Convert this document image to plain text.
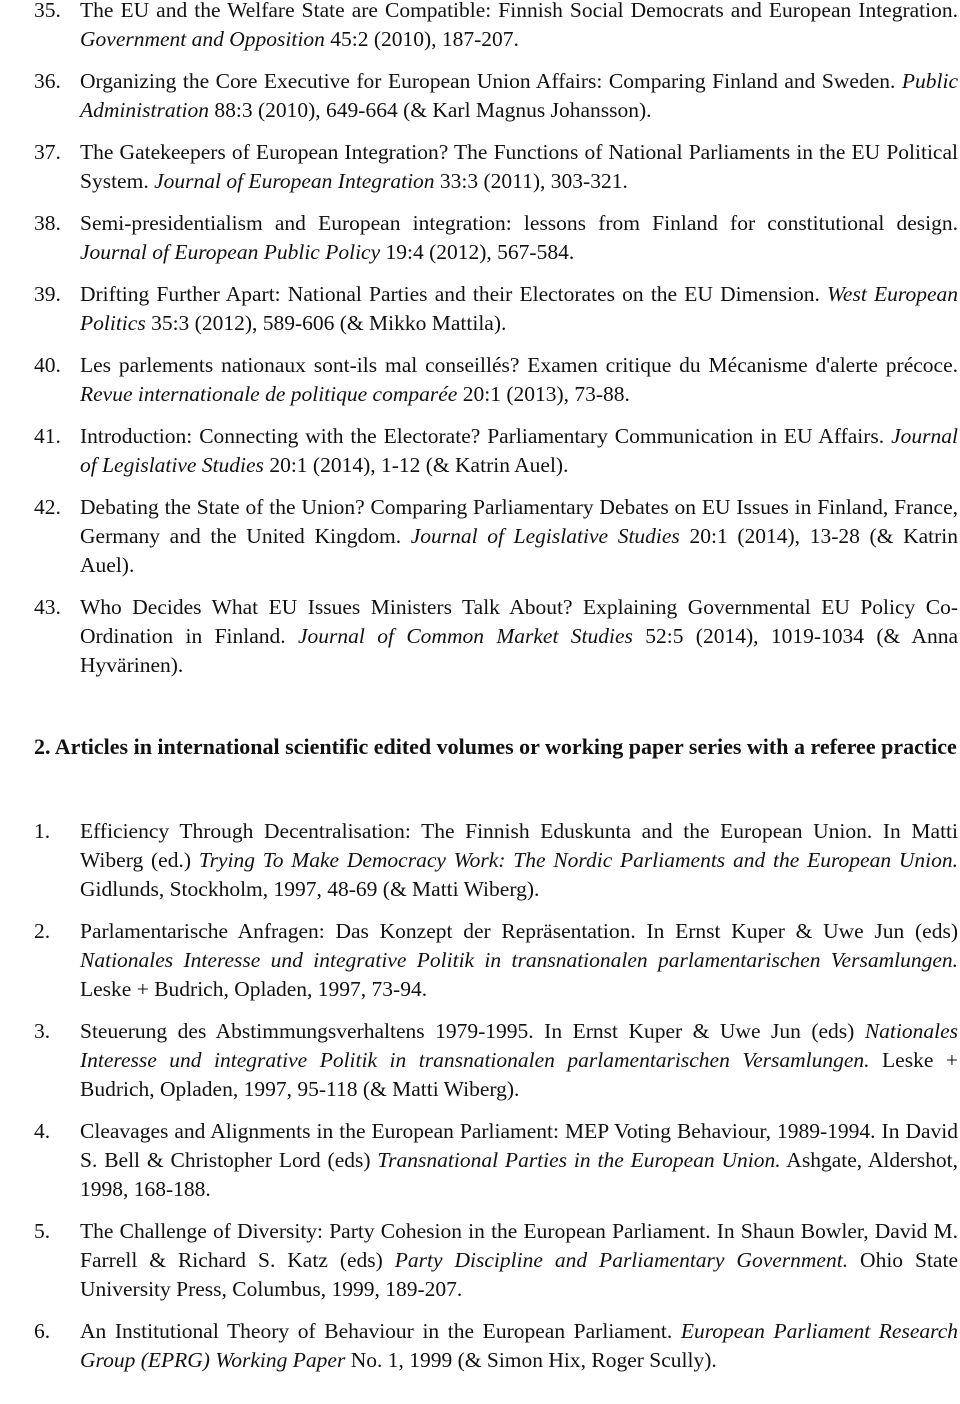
35. The EU and the Welfare State are Compatible: Finnish Social Democrats and European Integration. Government and Opposition 45:2 (2010), 187-207.
36. Organizing the Core Executive for European Union Affairs: Comparing Finland and Sweden. Public Administration 88:3 (2010), 649-664 (& Karl Magnus Johansson).
37. The Gatekeepers of European Integration? The Functions of National Parliaments in the EU Political System. Journal of European Integration 33:3 (2011), 303-321.
38. Semi-presidentialism and European integration: lessons from Finland for constitutional design. Journal of European Public Policy 19:4 (2012), 567-584.
39. Drifting Further Apart: National Parties and their Electorates on the EU Dimension. West European Politics 35:3 (2012), 589-606 (& Mikko Mattila).
40. Les parlements nationaux sont-ils mal conseillés? Examen critique du Mécanisme d'alerte précoce. Revue internationale de politique comparée 20:1 (2013), 73-88.
41. Introduction: Connecting with the Electorate? Parliamentary Communication in EU Affairs. Journal of Legislative Studies 20:1 (2014), 1-12 (& Katrin Auel).
42. Debating the State of the Union? Comparing Parliamentary Debates on EU Issues in Finland, France, Germany and the United Kingdom. Journal of Legislative Studies 20:1 (2014), 13-28 (& Katrin Auel).
43. Who Decides What EU Issues Ministers Talk About? Explaining Governmental EU Policy Co-Ordination in Finland. Journal of Common Market Studies 52:5 (2014), 1019-1034 (& Anna Hyvärinen).
2. Articles in international scientific edited volumes or working paper series with a referee practice
1. Efficiency Through Decentralisation: The Finnish Eduskunta and the European Union. In Matti Wiberg (ed.) Trying To Make Democracy Work: The Nordic Parliaments and the European Union. Gidlunds, Stockholm, 1997, 48-69 (& Matti Wiberg).
2. Parlamentarische Anfragen: Das Konzept der Repräsentation. In Ernst Kuper & Uwe Jun (eds) Nationales Interesse und integrative Politik in transnationalen parlamentarischen Versamlungen. Leske + Budrich, Opladen, 1997, 73-94.
3. Steuerung des Abstimmungsverhaltens 1979-1995. In Ernst Kuper & Uwe Jun (eds) Nationales Interesse und integrative Politik in transnationalen parlamentarischen Versamlungen. Leske + Budrich, Opladen, 1997, 95-118 (& Matti Wiberg).
4. Cleavages and Alignments in the European Parliament: MEP Voting Behaviour, 1989-1994. In David S. Bell & Christopher Lord (eds) Transnational Parties in the European Union. Ashgate, Aldershot, 1998, 168-188.
5. The Challenge of Diversity: Party Cohesion in the European Parliament. In Shaun Bowler, David M. Farrell & Richard S. Katz (eds) Party Discipline and Parliamentary Government. Ohio State University Press, Columbus, 1999, 189-207.
6. An Institutional Theory of Behaviour in the European Parliament. European Parliament Research Group (EPRG) Working Paper No. 1, 1999 (& Simon Hix, Roger Scully).
